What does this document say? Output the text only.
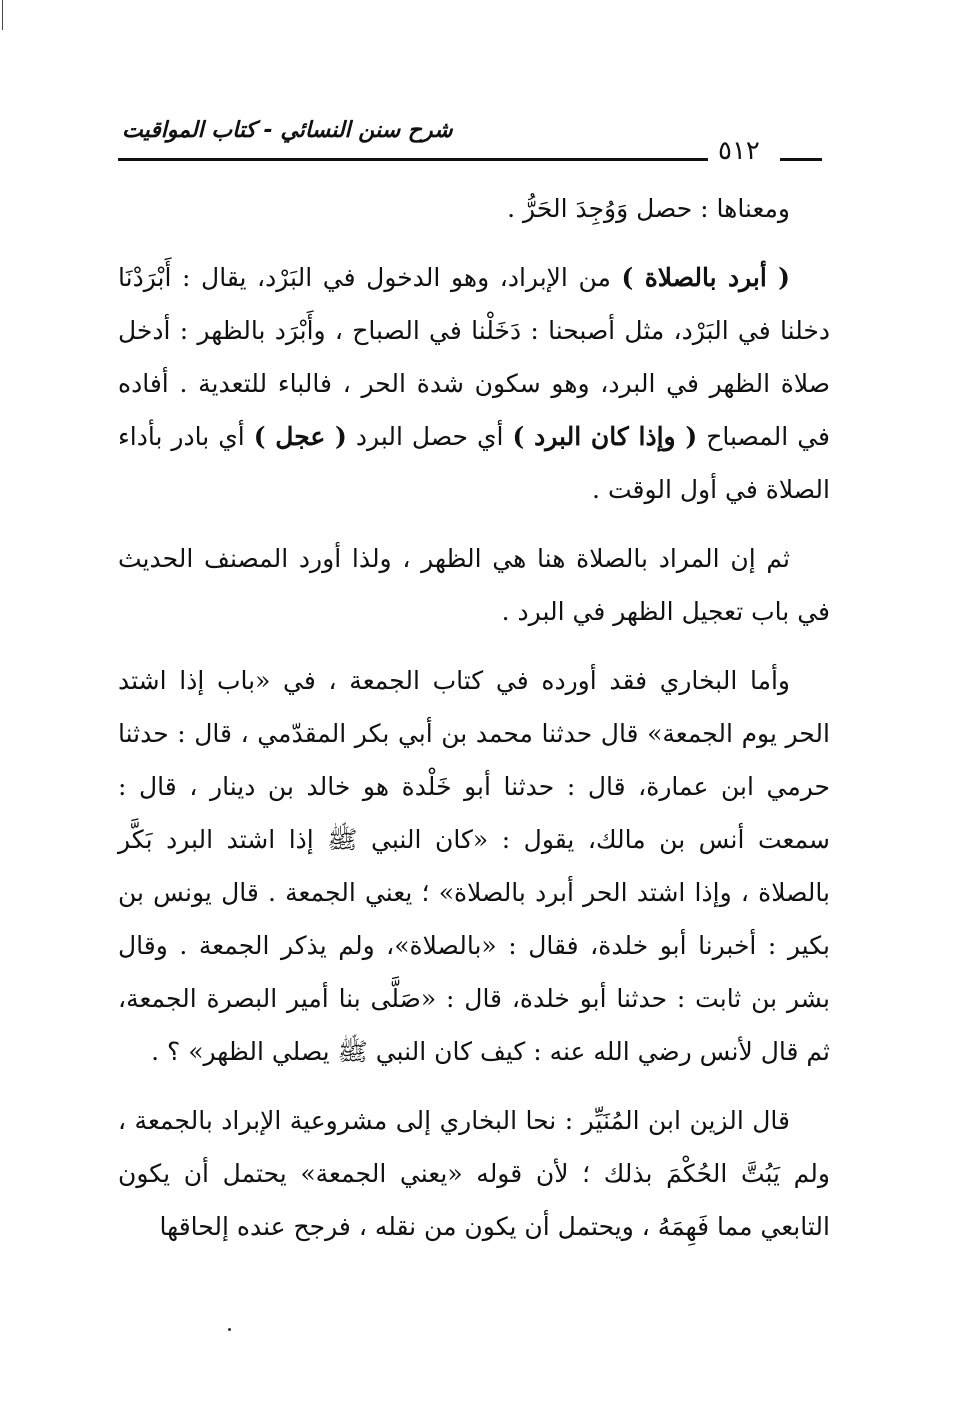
شرح سنن النسائي - كتاب المواقيت
٥١٢

ومعناها : حصل وَوُجِدَ الحَرُّ .

( أبرد بالصلاة ) من الإبراد، وهو الدخول في البَرْد، يقال : أَبْرَدْنَا دخلنا في البَرْد، مثل أصبحنا : دَخَلْنا في الصباح ، وأَبْرَد بالظهر : أدخل صلاة الظهر في البرد، وهو سكون شدة الحر ، فالباء للتعدية . أفاده في المصباح ( وإذا كان البرد ) أي حصل البرد ( عجل ) أي بادر بأداء الصلاة في أول الوقت .

ثم إن المراد بالصلاة هنا هي الظهر ، ولذا أورد المصنف الحديث في باب تعجيل الظهر في البرد .

وأما البخاري فقد أورده في كتاب الجمعة ، في «باب إذا اشتد الحر يوم الجمعة» قال حدثنا محمد بن أبي بكر المقدّمي ، قال : حدثنا حرمي ابن عمارة، قال : حدثنا أبو خَلْدة هو خالد بن دينار ، قال : سمعت أنس بن مالك، يقول : «كان النبي ﷺ إذا اشتد البرد بَكَّر بالصلاة ، وإذا اشتد الحر أبرد بالصلاة» ؛ يعني الجمعة . قال يونس بن بكير : أخبرنا أبو خلدة، فقال : «بالصلاة»، ولم يذكر الجمعة . وقال بشر بن ثابت : حدثنا أبو خلدة، قال : «صَلَّى بنا أمير البصرة الجمعة، ثم قال لأنس رضي الله عنه : كيف كان النبي ﷺ يصلي الظهر» ؟ .

قال الزين ابن المُنَيِّر : نحا البخاري إلى مشروعية الإبراد بالجمعة ، ولم يَبُتَّ الحُكْمَ بذلك ؛ لأن قوله «يعني الجمعة» يحتمل أن يكون التابعي مما فَهِمَهُ ، ويحتمل أن يكون من نقله ، فرجح عنده إلحاقها
